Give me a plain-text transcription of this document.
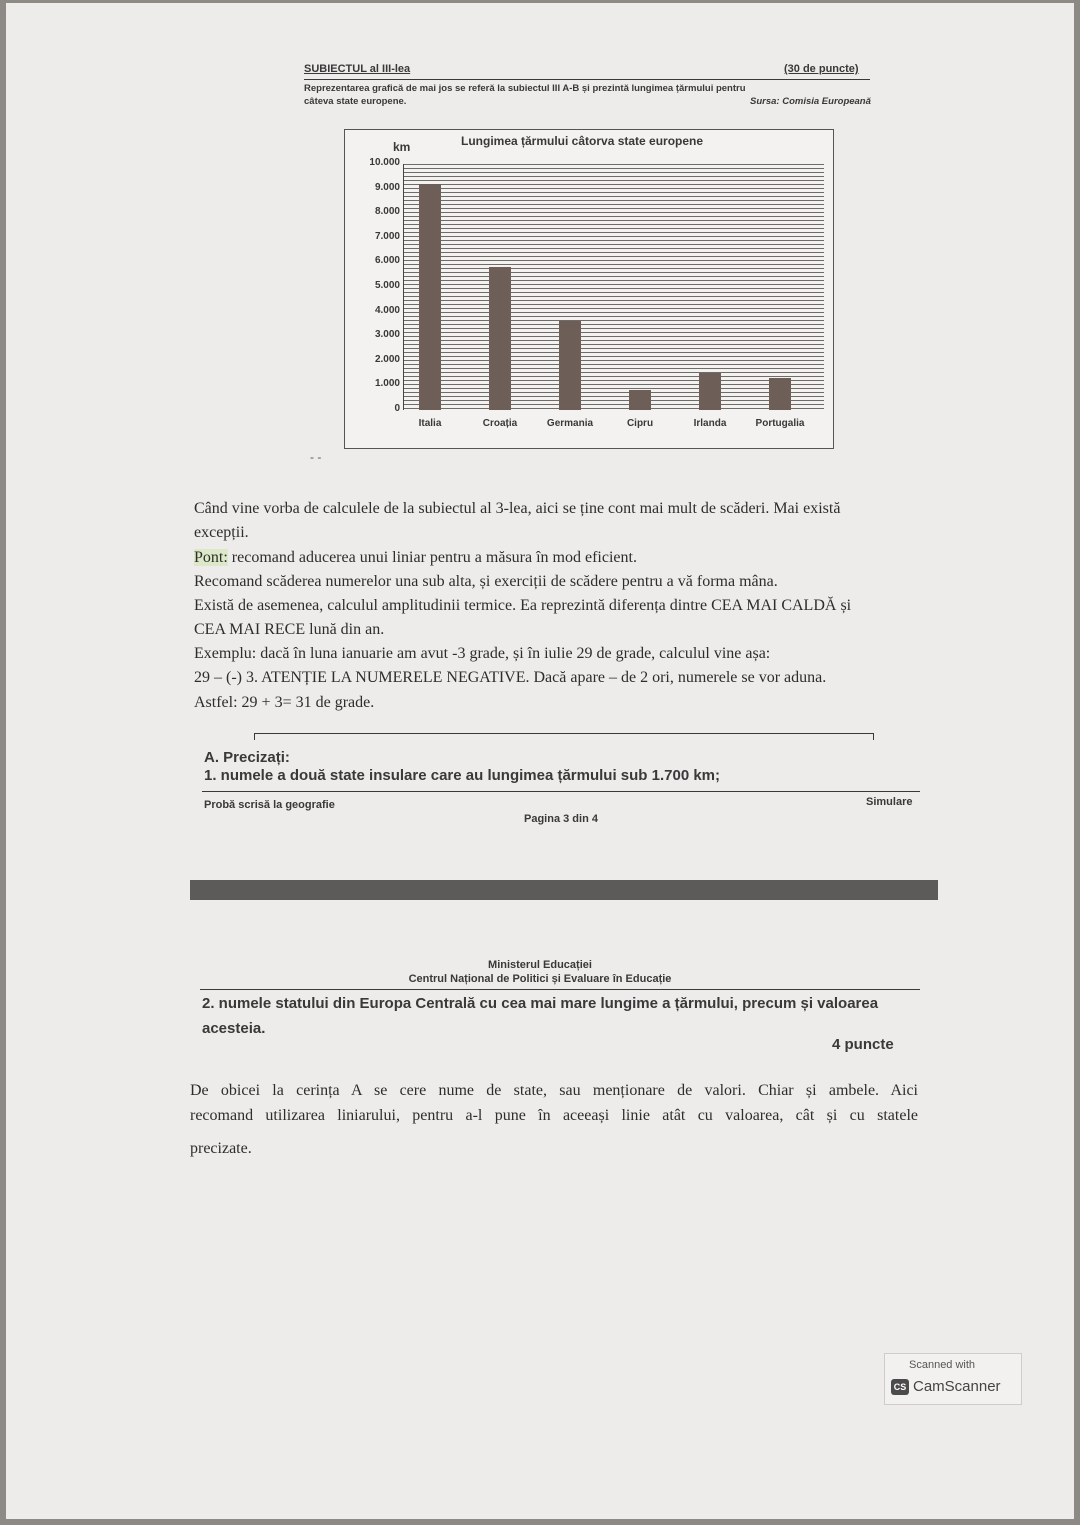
SUBIECTUL al III-lea	(30 de puncte)
Reprezentarea grafică de mai jos se referă la subiectul III A-B și prezintă lungimea țărmului pentru
câteva state europene.	Sursa: Comisia Europeană
km	Lungimea țărmului câtorva state europene
10.000
9.000
8.000
7.000
6.000
5.000
4.000
3.000
2.000
1.000
0
Italia	Croația	Germania	Cipru	Irlanda	Portugalia
- -
Când vine vorba de calculele de la subiectul al 3-lea, aici se ține cont mai mult de scăderi. Mai există
excepții.
Pont: recomand aducerea unui liniar pentru a măsura în mod eficient.
Recomand scăderea numerelor una sub alta, și exerciții de scădere pentru a vă forma mâna.
Există de asemenea, calculul amplitudinii termice. Ea reprezintă diferența dintre CEA MAI CALDĂ și
CEA MAI RECE lună din an.
Exemplu: dacă în luna ianuarie am avut -3 grade, și în iulie 29 de grade, calculul vine așa:
29 – (-) 3. ATENȚIE LA NUMERELE NEGATIVE. Dacă apare – de 2 ori, numerele se vor aduna.
Astfel: 29 + 3= 31 de grade.
A. Precizați:
1. numele a două state insulare care au lungimea țărmului sub 1.700 km;
Probă scrisă la geografie
Pagina 3 din 4
Simulare
Ministerul Educației
Centrul Național de Politici și Evaluare în Educație
2. numele statului din Europa Centrală cu cea mai mare lungime a țărmului, precum și valoarea
acesteia.
4 puncte
De obicei la cerința A se cere nume de state, sau menționare de valori. Chiar și ambele. Aici
recomand utilizarea liniarului, pentru a-l pune în aceeași linie atât cu valoarea, cât și cu statele
precizate.
Scanned with
CS CamScanner
